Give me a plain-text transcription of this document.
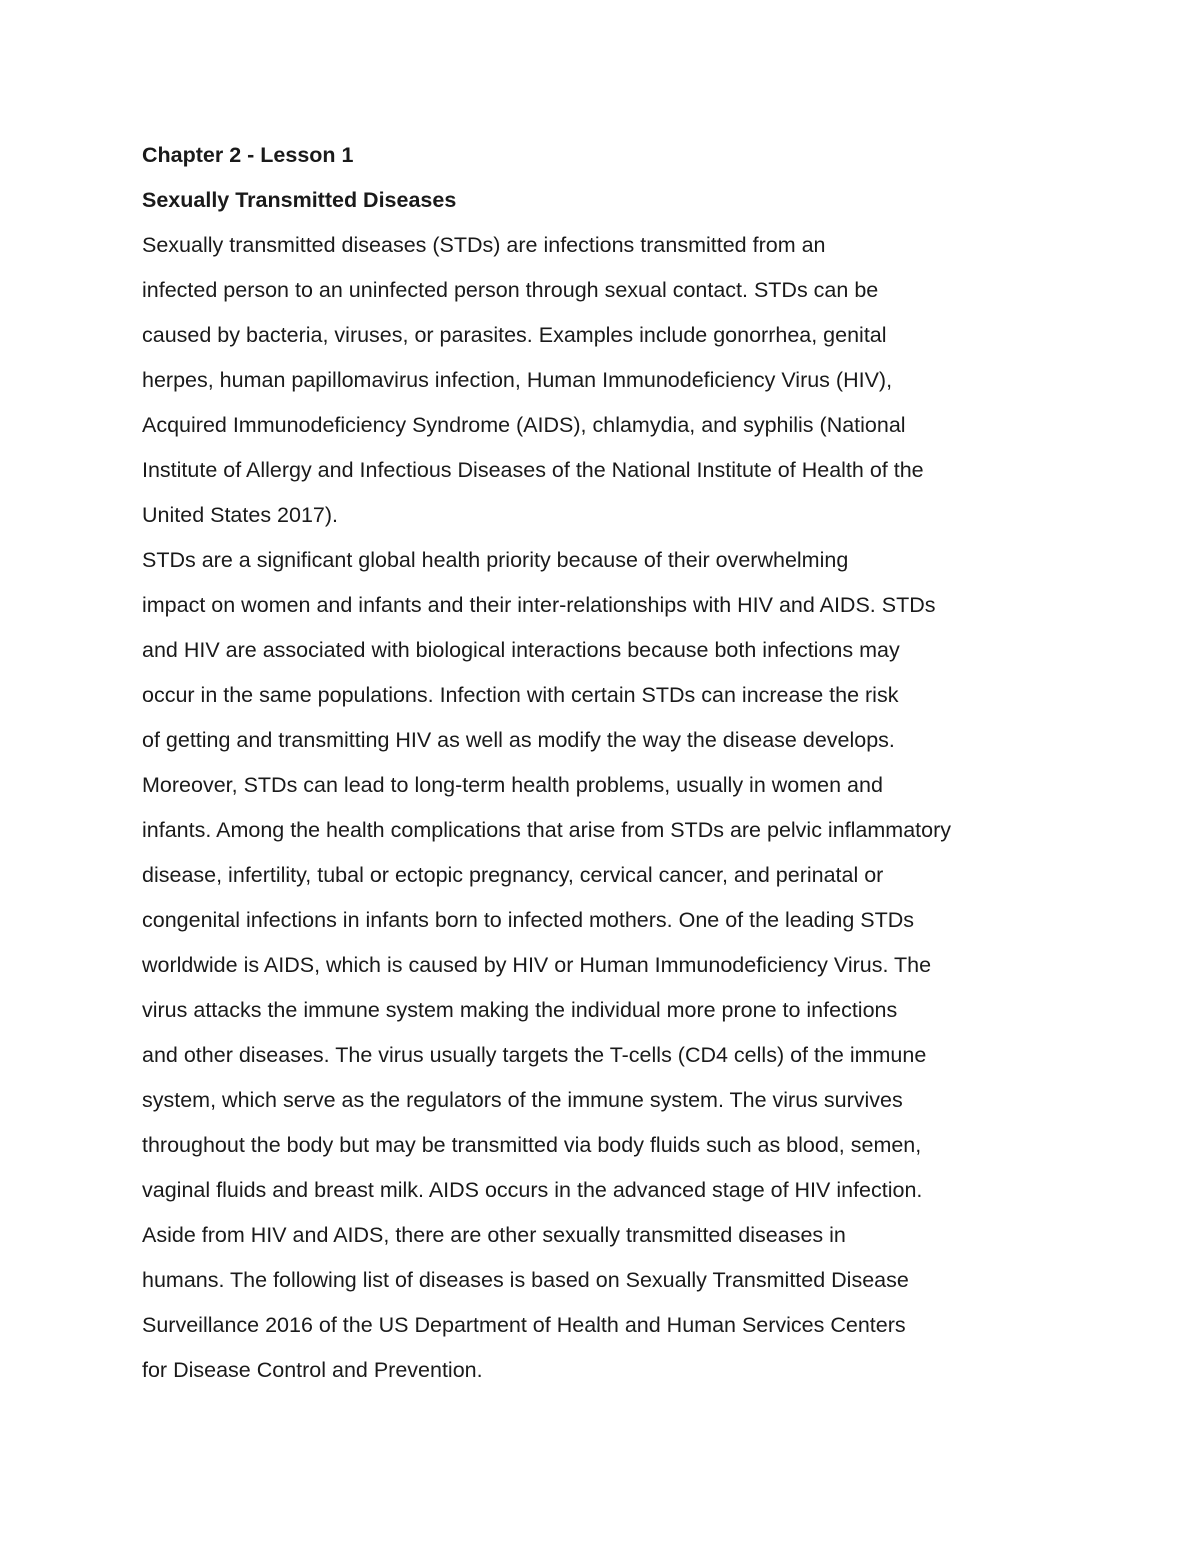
Chapter 2 - Lesson 1
Sexually Transmitted Diseases
Sexually transmitted diseases (STDs) are infections transmitted from an
infected person to an uninfected person through sexual contact. STDs can be
caused by bacteria, viruses, or parasites. Examples include gonorrhea, genital
herpes, human papillomavirus infection, Human Immunodeficiency Virus (HIV),
Acquired Immunodeficiency Syndrome (AIDS), chlamydia, and syphilis (National
Institute of Allergy and Infectious Diseases of the National Institute of Health of the
United States 2017).
STDs are a significant global health priority because of their overwhelming
impact on women and infants and their inter-relationships with HIV and AIDS. STDs
and HIV are associated with biological interactions because both infections may
occur in the same populations. Infection with certain STDs can increase the risk
of getting and transmitting HIV as well as modify the way the disease develops.
Moreover, STDs can lead to long-term health problems, usually in women and
infants. Among the health complications that arise from STDs are pelvic inflammatory
disease, infertility, tubal or ectopic pregnancy, cervical cancer, and perinatal or
congenital infections in infants born to infected mothers. One of the leading STDs
worldwide is AIDS, which is caused by HIV or Human Immunodeficiency Virus. The
virus attacks the immune system making the individual more prone to infections
and other diseases. The virus usually targets the T-cells (CD4 cells) of the immune
system, which serve as the regulators of the immune system. The virus survives
throughout the body but may be transmitted via body fluids such as blood, semen,
vaginal fluids and breast milk. AIDS occurs in the advanced stage of HIV infection.
Aside from HIV and AIDS, there are other sexually transmitted diseases in
humans. The following list of diseases is based on Sexually Transmitted Disease
Surveillance 2016 of the US Department of Health and Human Services Centers
for Disease Control and Prevention.
